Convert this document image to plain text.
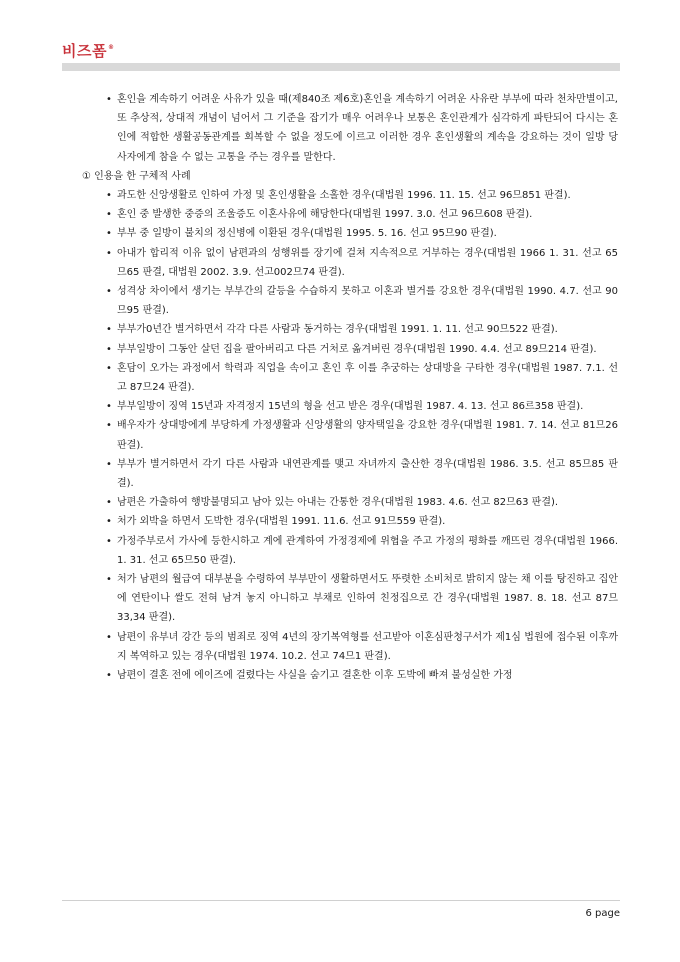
비즈폼®
• 혼인을 계속하기 어려운 사유가 있을 때(제840조 제6호)혼인을 계속하기 어려운 사유란 부부에 따라 천차만별이고, 또 추상적, 상대적 개념이 넘어서 그 기준을 잡기가 매우 어려우나 보통은 혼인관계가 심각하게 파탄되어 다시는 혼인에 적합한 생활공동관계를 회복할 수 없을 정도에 이르고 이러한 경우 혼인생활의 계속을 강요하는 것이 일방 당사자에게 참을 수 없는 고통을 주는 경우를 말한다.
① 인용을 한 구체적 사례
• 과도한 신앙생활로 인하여 가정 및 혼인생활을 소홀한 경우(대법원 1996. 11. 15. 선고 96므851 판결).
• 혼인 중 발생한 중증의 조울증도 이혼사유에 해당한다(대법원 1997. 3.0. 선고 96므608 판결).
• 부부 중 일방이 불치의 정신병에 이환된 경우(대법원 1995. 5. 16. 선고 95므90 판결).
• 아내가 합리적 이유 없이 남편과의 성행위를 장기에 걸쳐 지속적으로 거부하는 경우(대법원 1966 1. 31. 선고 65므65 판결, 대법원 2002. 3.9. 선고002므74 판결).
• 성격상 차이에서 생기는 부부간의 갈등을 수습하지 못하고 이혼과 별거를 강요한 경우(대법원 1990. 4.7. 선고 90므95 판결).
• 부부가0년간 별거하면서 각각 다른 사람과 동거하는 경우(대법원 1991. 1. 11. 선고 90므522 판결).
• 부부일방이 그동안 살던 집을 팔아버리고 다른 거처로 옮겨버린 경우(대법원 1990. 4.4. 선고 89므214 판결).
• 혼담이 오가는 과정에서 학력과 직업을 속이고 혼인 후 이를 추궁하는 상대방을 구타한 경우(대법원 1987. 7.1. 선고 87므24 판결).
• 부부일방이 징역 15년과 자격정지 15년의 형을 선고 받은 경우(대법원 1987. 4. 13. 선고 86르358 판결).
• 배우자가 상대방에게 부당하게 가정생활과 신앙생활의 양자택일을 강요한 경우(대법원 1981. 7. 14. 선고 81므26 판결).
• 부부가 별거하면서 각기 다른 사람과 내연관계를 맺고 자녀까지 출산한 경우(대법원 1986. 3.5. 선고 85므85 판결).
• 남편은 가출하여 행방불명되고 남아 있는 아내는 간통한 경우(대법원 1983. 4.6. 선고 82므63 판결).
• 처가 외박을 하면서 도박한 경우(대법원 1991. 11.6. 선고 91므559 판결).
• 가정주부로서 가사에 등한시하고 계에 관계하여 가정경제에 위협을 주고 가정의 평화를 깨뜨린 경우(대법원 1966. 1. 31. 선고 65므50 판결).
• 처가 남편의 월급여 대부분을 수령하여 부부만이 생활하면서도 뚜렷한 소비처로 밝히지 않는 채 이를 탕진하고 집안에 연탄이나 쌀도 전혀 남겨 놓지 아니하고 부채로 인하여 친정집으로 간 경우(대법원 1987. 8. 18. 선고 87므33,34 판결).
• 남편이 유부녀 강간 등의 범죄로 징역 4년의 장기복역형를 선고받아 이혼심판청구서가 제1심 법원에 접수된 이후까지 복역하고 있는 경우(대법원 1974. 10.2. 선고 74므1 판결).
• 남편이 결혼 전에 에이즈에 걸렸다는 사실을 숨기고 결혼한 이후 도박에 빠져 불성실한 가정
6 page
